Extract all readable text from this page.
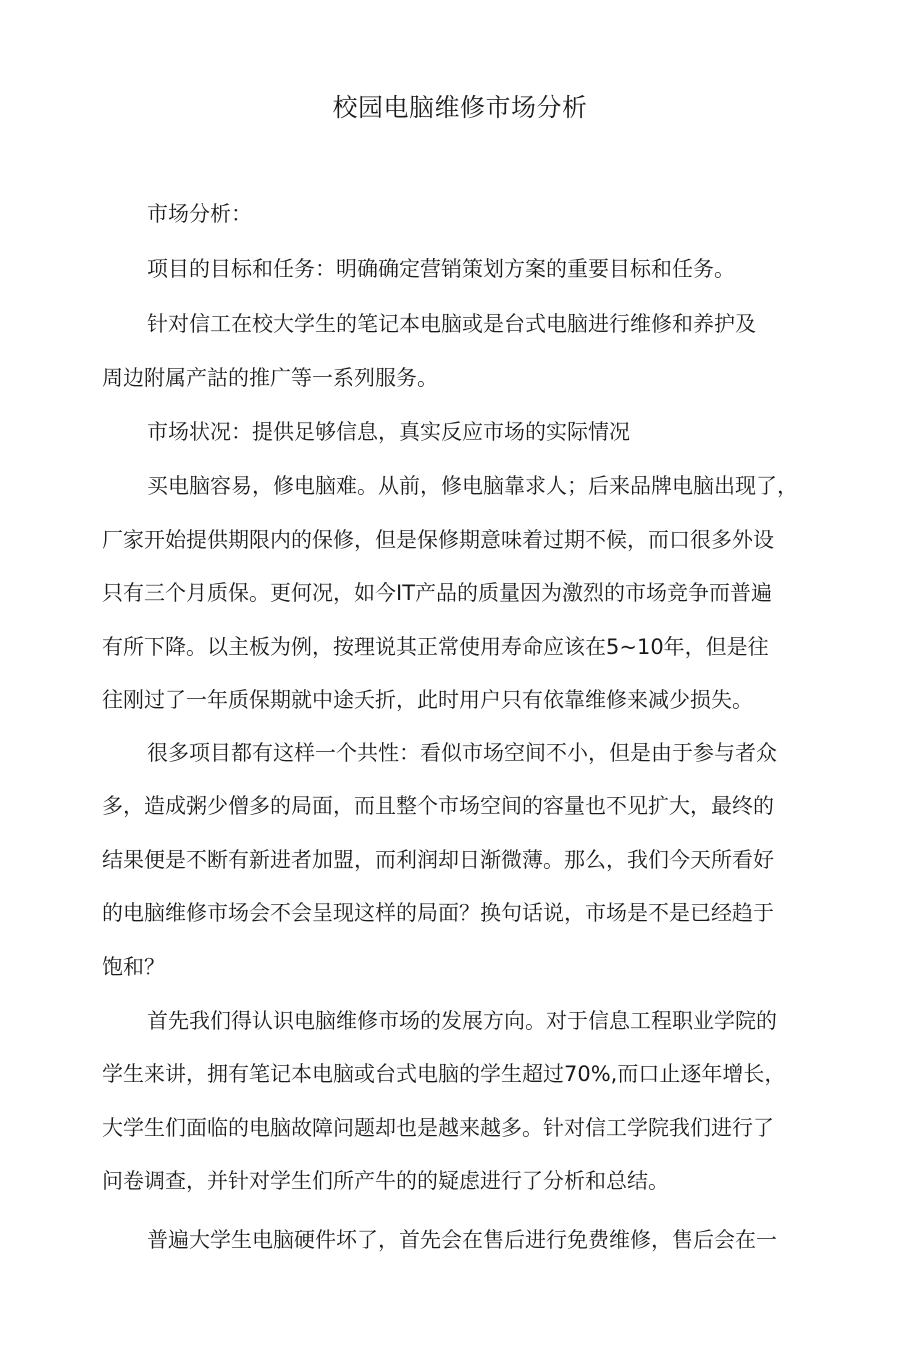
校园电脑维修市场分析
市场分析：
项目的目标和任务：明确确定营销策划方案的重要目标和任务。
针对信工在校大学生的笔记本电脑或是台式电脑进行维修和养护及
周边附属产詁的推广等一系列服务。
市场状况：提供足够信息，真实反应市场的实际情况
买电脑容易，修电脑难。从前，修电脑靠求人；后来品牌电脑出现了，
厂家开始提供期限内的保修，但是保修期意味着过期不候，而口很多外设
只有三个月质保。更何况，如今IT产品的质量因为激烈的市场竞争而普遍
有所下降。以主板为例，按理说其正常使用寿命应该在5~10年，但是往
往刚过了一年质保期就中途夭折，此时用户只有依靠维修来减少损失。
很多项目都有这样一个共性：看似市场空间不小，但是由于参与者众
多，造成粥少僧多的局面，而且整个市场空间的容量也不见扩大，最终的
结果便是不断有新进者加盟，而利润却日渐微薄。那么，我们今天所看好
的电脑维修市场会不会呈现这样的局面？换句话说，市场是不是已经趋于
饱和？
首先我们得认识电脑维修市场的发展方向。对于信息工程职业学院的
学生来讲，拥有笔记本电脑或台式电脑的学生超过70%,而口止逐年增长，
大学生们面临的电脑故障问题却也是越来越多。针对信工学院我们进行了
问卷调查，并针对学生们所产牛的的疑虑进行了分析和总结。
普遍大学生电脑硬件坏了，首先会在售后进行免费维修，售后会在一
